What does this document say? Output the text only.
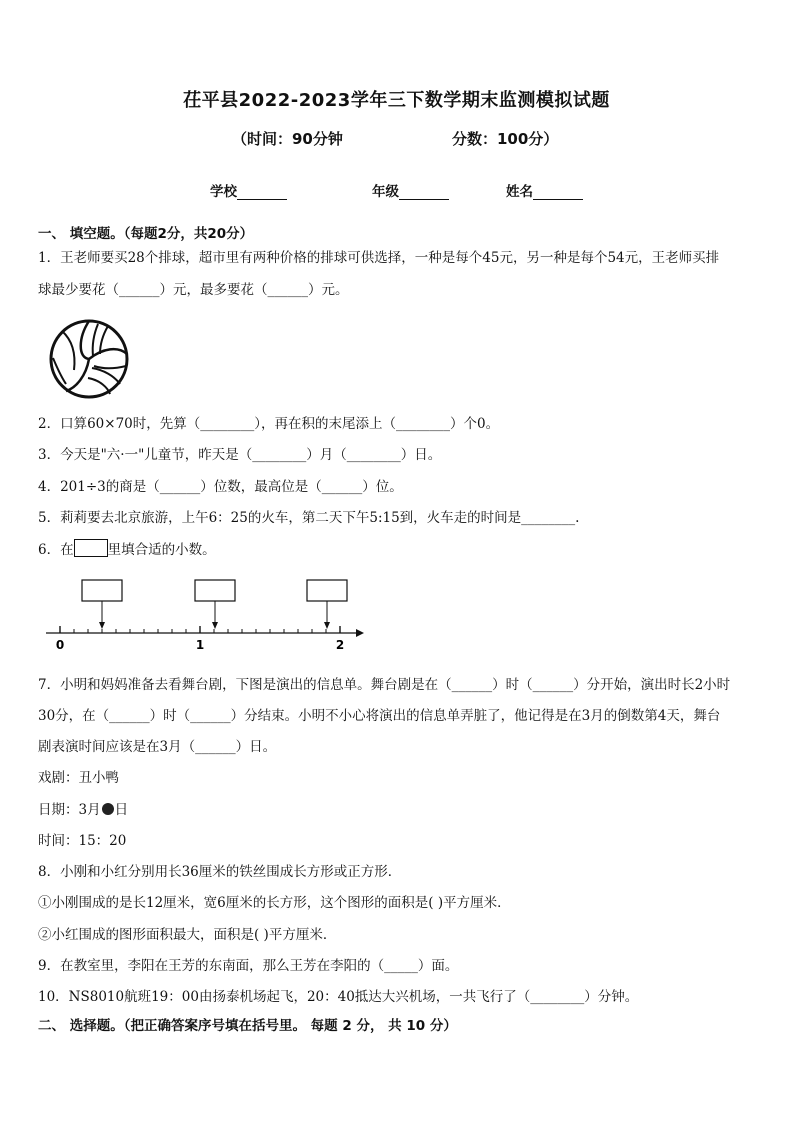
茌平县2022-2023学年三下数学期末监测模拟试题
（时间：90分钟	分数：100分）
学校	年级	姓名
一、 填空题。（每题2分，共20分）
1．王老师要买28个排球，超市里有两种价格的排球可供选择，一种是每个45元，另一种是每个54元，王老师买排
球最少要花（______）元，最多要花（______）元。
2．口算60×70时，先算（________），再在积的末尾添上（________）个0。
3．今天是"六·一"儿童节，昨天是（________）月（________）日。
4．201÷3的商是（______）位数，最高位是（______）位。
5．莉莉要去北京旅游，上午6：25的火车，第二天下午5:15到，火车走的时间是________.
6．在	里填合适的小数。
0	1	2
7．小明和妈妈准备去看舞台剧，下图是演出的信息单。舞台剧是在（______）时（______）分开始，演出时长2小时
30分，在（______）时（______）分结束。小明不小心将演出的信息单弄脏了，他记得是在3月的倒数第4天，舞台
剧表演时间应该是在3月（______）日。
戏剧：丑小鸭
日期：3月 日
时间：15：20
8．小刚和小红分别用长36厘米的铁丝围成长方形或正方形．
①小刚围成的是长12厘米，宽6厘米的长方形，这个图形的面积是( )平方厘米．
②小红围成的图形面积最大，面积是( )平方厘米．
9．在教室里，李阳在王芳的东南面，那么王芳在李阳的（_____）面。
10．NS8010航班19：00由扬泰机场起飞，20：40抵达大兴机场，一共飞行了（________）分钟。
二、 选择题。（把正确答案序号填在括号里。 每题 2 分， 共 10 分）
